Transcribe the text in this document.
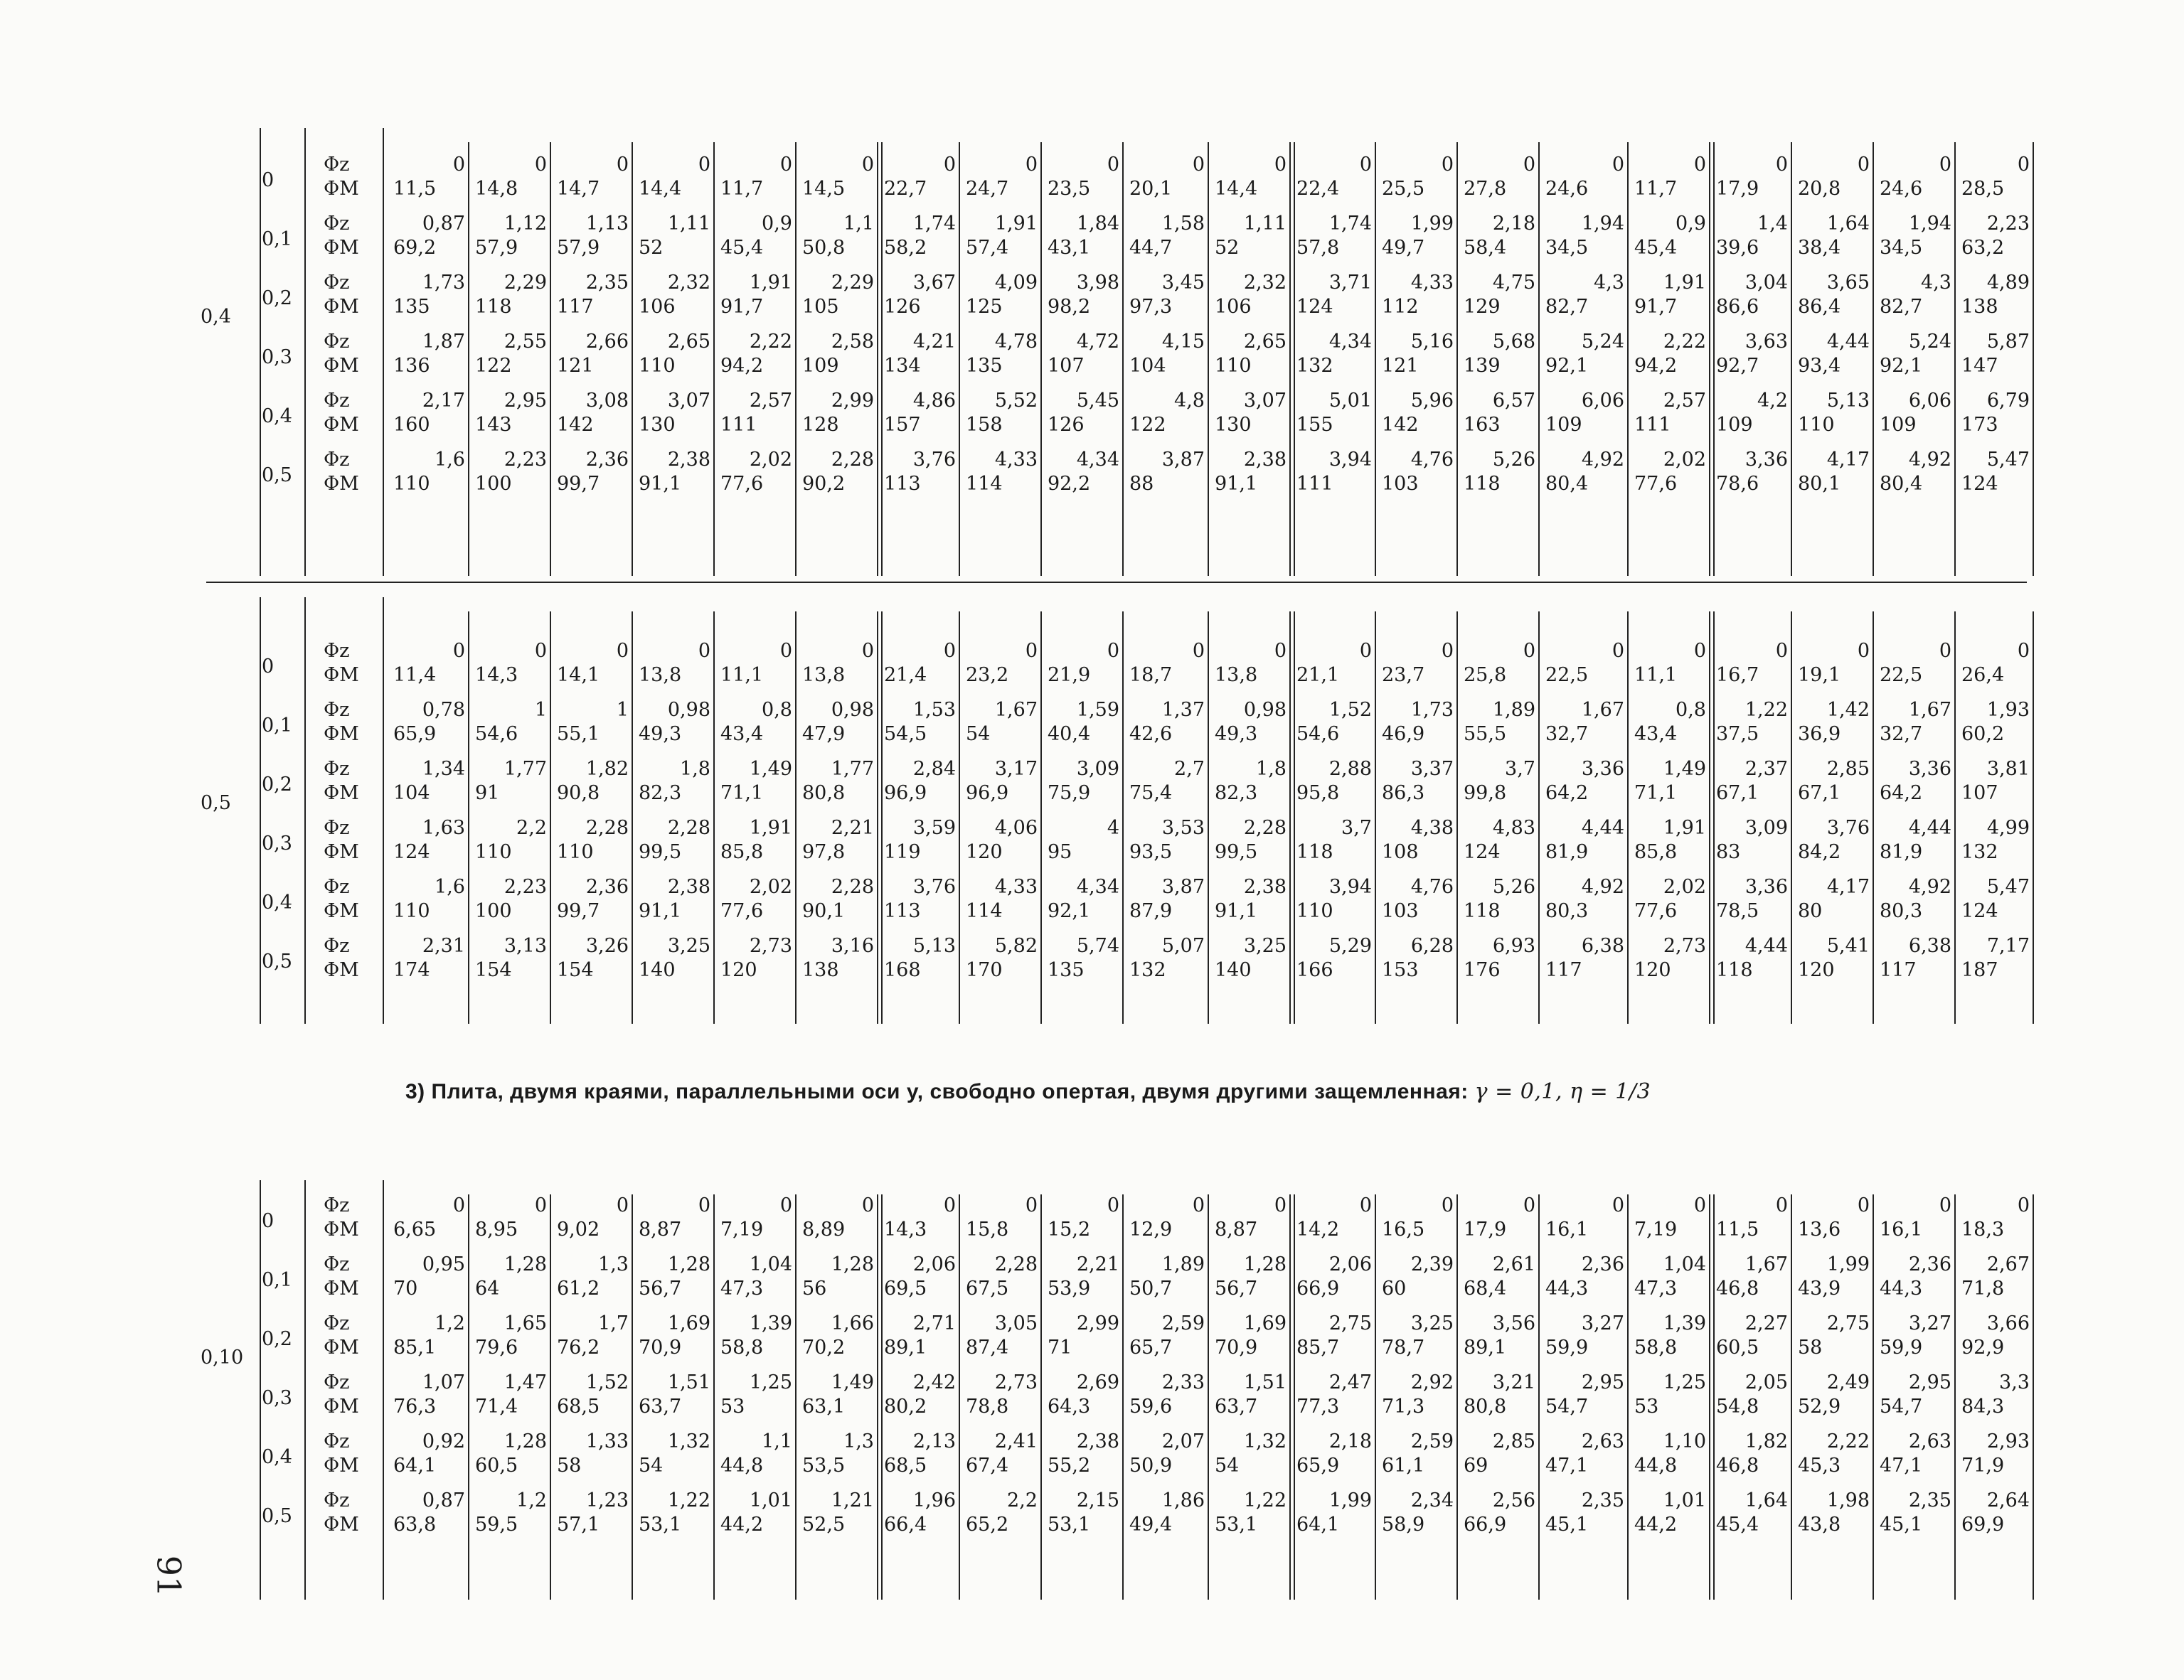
0,4
0
Φz
ΦM
0	0	0	0	0	0	0	0	0	0	0	0	0	0	0	0	0	0	0	0
11,5 14,8 14,7 14,4 11,7 14,5 22,7 24,7 23,5 20,1 14,4 22,4 25,5 27,8 24,6 11,7 17,9 20,8 24,6 28,5
0,1
Φz
ΦM
0,87 1,12 1,13 1,11	0,9	1,1 1,74 1,91 1,84 1,58 1,11 1,74 1,99 2,18 1,94	0,9	1,4 1,64 1,94 2,23
69,2 57,9 57,9 52	45,4 50,8 58,2 57,4 43,1 44,7 52	57,8 49,7 58,4 34,5 45,4 39,6 38,4 34,5 63,2
0,2
Φz
ΦM
1,73 2,29 2,35 2,32 1,91 2,29 3,67 4,09 3,98 3,45 2,32 3,71 4,33 4,75	4,3 1,91 3,04 3,65	4,3 4,89
135 118 117 106 91,7 105 126 125 98,2 97,3 106 124	112 129 82,7 91,7 86,6 86,4 82,7 138
0,3
Φz
ΦM
1,87 2,55 2,66 2,65 2,22 2,58 4,21 4,78 4,72 4,15 2,65 4,34 5,16 5,68 5,24 2,22 3,63 4,44 5,24 5,87
136 122 121 110 94,2 109 134 135 107 104	110 132	121 139 92,1 94,2 92,7 93,4 92,1 147
0,4
Φz
ΦM
2,17 2,95 3,08 3,07 2,57 2,99 4,86 5,52 5,45	4,8 3,07 5,01 5,96 6,57 6,06 2,57	4,2 5,13 6,06 6,79
160 143 142 130 111 128 157 158 126 122	130 155	142 163 109	111 109 110 109 173
0,5
Φz
ΦM
1,6 2,23 2,36 2,38 2,02 2,28 3,76 4,33 4,34 3,87 2,38 3,94 4,76 5,26 4,92 2,02 3,36 4,17 4,92 5,47
110 100 99,7 91,1 77,6 90,2 113 114 92,2 88	91,1 111	103 118 80,4 77,6 78,6 80,1 80,4 124
0,5
0
Φz
ΦM
0	0	0	0	0	0	0	0	0	0	0	0	0	0	0	0	0	0	0	0
11,4 14,3 14,1 13,8 11,1 13,8 21,4 23,2 21,9 18,7 13,8 21,1 23,7 25,8 22,5 11,1 16,7 19,1 22,5 26,4
0,1
Φz
ΦM
0,78	1	1 0,98	0,8 0,98 1,53 1,67 1,59 1,37 0,98 1,52 1,73 1,89 1,67	0,8 1,22 1,42 1,67 1,93
65,9 54,6 55,1 49,3 43,4 47,9 54,5 54	40,4 42,6 49,3 54,6 46,9 55,5 32,7 43,4 37,5 36,9 32,7 60,2
0,2
Φz
ΦM
1,34 1,77 1,82	1,8 1,49 1,77 2,84 3,17 3,09	2,7	1,8 2,88 3,37	3,7 3,36 1,49 2,37 2,85 3,36 3,81
104 91	90,8 82,3 71,1 80,8 96,9 96,9 75,9 75,4 82,3 95,8 86,3 99,8 64,2 71,1 67,1 67,1 64,2 107
0,3
Φz
ΦM
1,63	2,2 2,28 2,28 1,91 2,21 3,59 4,06	4 3,53 2,28	3,7 4,38 4,83 4,44 1,91 3,09 3,76 4,44 4,99
124 110 110 99,5 85,8 97,8 119 120 95	93,5 99,5 118	108 124 81,9 85,8 83	84,2 81,9 132
0,4
Φz
ΦM
1,6 2,23 2,36 2,38 2,02 2,28 3,76 4,33 4,34 3,87 2,38 3,94 4,76 5,26 4,92 2,02 3,36 4,17 4,92 5,47
110 100 99,7 91,1 77,6 90,1 113 114 92,1 87,9 91,1 110	103 118 80,3 77,6 78,5 80	80,3 124
0,5
Φz
ΦM
2,31 3,13 3,26 3,25 2,73 3,16 5,13 5,82 5,74 5,07 3,25 5,29 6,28 6,93 6,38 2,73 4,44 5,41 6,38 7,17
174 154 154 140 120 138 168 170 135 132	140 166	153 176 117	120 118 120 117 187
0,10
0
Φz
ΦM
0	0	0	0	0	0	0	0	0	0	0	0	0	0	0	0	0	0	0	0
6,65 8,95 9,02 8,87 7,19 8,89 14,3 15,8 15,2 12,9 8,87 14,2 16,5 17,9 16,1 7,19 11,5 13,6 16,1 18,3
0,1
Φz
ΦM
0,95 1,28	1,3 1,28 1,04 1,28 2,06 2,28 2,21 1,89 1,28 2,06 2,39 2,61 2,36 1,04 1,67 1,99 2,36 2,67
70	64	61,2 56,7 47,3 56	69,5 67,5 53,9 50,7 56,7 66,9 60	68,4 44,3 47,3 46,8 43,9 44,3 71,8
0,2
Φz
ΦM
1,2 1,65	1,7 1,69 1,39 1,66 2,71 3,05 2,99 2,59 1,69 2,75 3,25 3,56 3,27 1,39 2,27 2,75 3,27 3,66
85,1 79,6 76,2 70,9 58,8 70,2 89,1 87,4 71	65,7 70,9 85,7 78,7 89,1 59,9 58,8 60,5 58	59,9 92,9
0,3
Φz
ΦM
1,07 1,47 1,52 1,51 1,25 1,49 2,42 2,73 2,69 2,33 1,51 2,47 2,92 3,21 2,95 1,25 2,05 2,49 2,95 3,3
76,3 71,4 68,5 63,7 53	63,1 80,2 78,8 64,3 59,6 63,7 77,3 71,3 80,8 54,7 53	54,8 52,9 54,7 84,3
0,4
Φz
ΦM
0,92 1,28 1,33 1,32	1,1	1,3 2,13 2,41 2,38 2,07 1,32 2,18 2,59 2,85 2,63 1,10 1,82 2,22 2,63 2,93
64,1 60,5 58	54	44,8 53,5 68,5 67,4 55,2 50,9 54	65,9 61,1 69	47,1 44,8 46,8 45,3 47,1 71,9
0,5
Φz
ΦM
0,87	1,2 1,23 1,22 1,01 1,21 1,96	2,2 2,15 1,86 1,22 1,99 2,34 2,56 2,35 1,01 1,64 1,98 2,35 2,64
63,8 59,5 57,1 53,1 44,2 52,5 66,4 65,2 53,1 49,4 53,1 64,1 58,9 66,9 45,1 44,2 45,4 43,8 45,1 69,9
3) Плита, двумя краями, параллельными оси y, свободно опертая, двумя другими защемленная: γ = 0,1, η = 1/3
91
